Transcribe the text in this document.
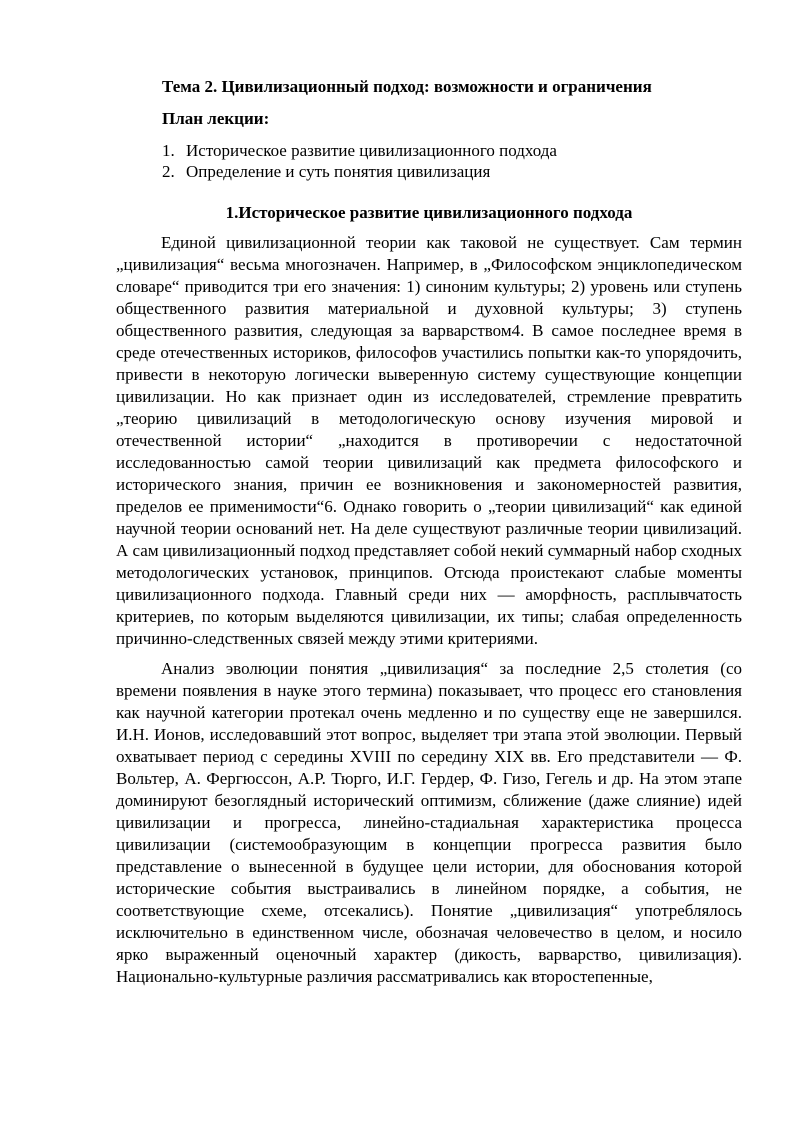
Тема 2. Цивилизационный подход: возможности и ограничения
План лекции:
1. Историческое развитие цивилизационного подхода
2. Определение и суть понятия цивилизация
1.Историческое развитие цивилизационного подхода

Единой цивилизационной теории как таковой не существует. Сам термин „цивилизация“ весьма многозначен. Например, в „Философском энциклопедическом словаре“ приводится три его значения: 1) синоним культуры; 2) уровень или ступень общественного развития материальной и духовной культуры; 3) ступень общественного развития, следующая за варварством4. В самое последнее время в среде отечественных историков, философов участились попытки как-то упорядочить, привести в некоторую логически выверенную систему существующие концепции цивилизации. Но как признает один из исследователей, стремление превратить „теорию цивилизаций в методологическую основу изучения мировой и отечественной истории“ „находится в противоречии с недостаточной исследованностью самой теории цивилизаций как предмета философского и исторического знания, причин ее возникновения и закономерностей развития, пределов ее применимости“6. Однако говорить о „теории цивилизаций“ как единой научной теории оснований нет. На деле существуют различные теории цивилизаций. А сам цивилизационный подход представляет собой некий суммарный набор сходных методологических установок, принципов. Отсюда проистекают слабые моменты цивилизационного подхода. Главный среди них — аморфность, расплывчатость критериев, по которым выделяются цивилизации, их типы; слабая определенность причинно-следственных связей между этими критериями.

Анализ эволюции понятия „цивилизация“ за последние 2,5 столетия (со времени появления в науке этого термина) показывает, что процесс его становления как научной категории протекал очень медленно и по существу еще не завершился. И.Н. Ионов, исследовавший этот вопрос, выделяет три этапа этой эволюции. Первый охватывает период с середины XVIII по середину XIX вв. Его представители — Ф. Вольтер, А. Фергюссон, А.Р. Тюрго, И.Г. Гердер, Ф. Гизо, Гегель и др. На этом этапе доминируют безоглядный исторический оптимизм, сближение (даже слияние) идей цивилизации и прогресса, линейно-стадиальная характеристика процесса цивилизации (системообразующим в концепции прогресса развития было представление о вынесенной в будущее цели истории, для обоснования которой исторические события выстраивались в линейном порядке, а события, не соответствующие схеме, отсекались). Понятие „цивилизация“ употреблялось исключительно в единственном числе, обозначая человечество в целом, и носило ярко выраженный оценочный характер (дикость, варварство, цивилизация). Национально-культурные различия рассматривались как второстепенные,
